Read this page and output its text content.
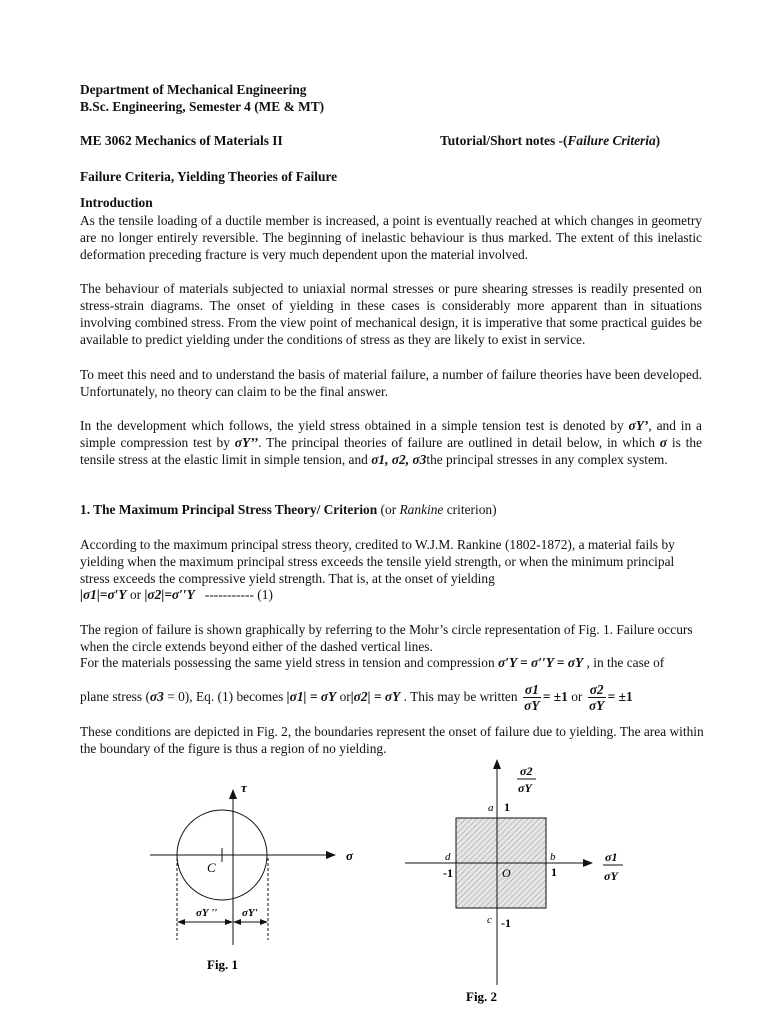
Department of Mechanical Engineering
B.Sc. Engineering, Semester 4 (ME & MT)
ME 3062 Mechanics of Materials II	Tutorial/Short notes -(Failure Criteria)
Failure Criteria, Yielding Theories of Failure
Introduction
As the tensile loading of a ductile member is increased, a point is eventually reached at which changes in geometry are no longer entirely reversible. The beginning of inelastic behaviour is thus marked. The extent of this inelastic deformation preceding fracture is very much dependent upon the material involved.
The behaviour of materials subjected to uniaxial normal stresses or pure shearing stresses is readily presented on stress-strain diagrams. The onset of yielding in these cases is considerably more apparent than in situations involving combined stress. From the view point of mechanical design, it is imperative that some practical guides be available to predict yielding under the conditions of stress as they are likely to exist in service.
To meet this need and to understand the basis of material failure, a number of failure theories have been developed. Unfortunately, no theory can claim to be the final answer.
In the development which follows, the yield stress obtained in a simple tension test is denoted by σY’, and in a simple compression test by σY’’. The principal theories of failure are outlined in detail below, in which σ is the tensile stress at the elastic limit in simple tension, and σ1, σ2, σ3the principal stresses in any complex system.
1. The Maximum Principal Stress Theory/ Criterion (or Rankine criterion)
According to the maximum principal stress theory, credited to W.J.M. Rankine (1802-1872), a material fails by yielding when the maximum principal stress exceeds the tensile yield strength, or when the minimum principal stress exceeds the compressive yield strength. That is, at the onset of yielding
|σ1|=σ′Y or |σ2|=σ′′Y   ----------- (1)
The region of failure is shown graphically by referring to the Mohr’s circle representation of Fig. 1. Failure occurs when the circle extends beyond either of the dashed vertical lines.
For the materials possessing the same yield stress in tension and compression σ′Y = σ′′Y = σY , in the case of
plane stress (σ3 = 0), Eq. (1) becomes |σ1| = σY or|σ2| = σY . This may be written $\frac{\sigma 1}{\sigma Y} = \pm 1$ or $\frac{\sigma 2}{\sigma Y} = \pm 1$
These conditions are depicted in Fig. 2, the boundaries represent the onset of failure due to yielding. The area within the boundary of the figure is thus a region of no yielding.
τ
σ
C
σY '' σY'
Fig. 1
σ2
σY
σ1
σY
a 1
b
1
d
-1	O
c -1
Fig. 2
